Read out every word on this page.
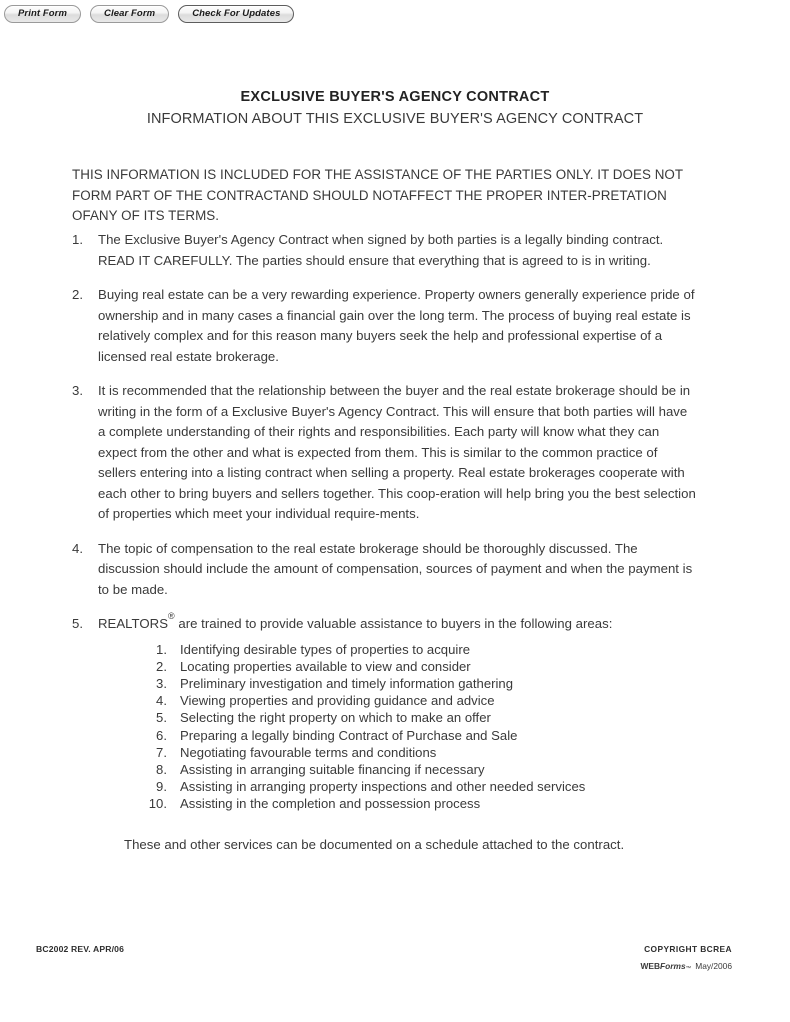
Print Form	Clear Form	Check For Updates
EXCLUSIVE BUYER'S AGENCY CONTRACT
INFORMATION ABOUT THIS EXCLUSIVE BUYER'S AGENCY CONTRACT
THIS INFORMATION IS INCLUDED FOR THE ASSISTANCE OF THE PARTIES ONLY. IT DOES NOT FORM PART OF THE CONTRACTAND SHOULD NOTAFFECT THE PROPER INTER-PRETATION OFANY OF ITS TERMS.
1.	The Exclusive Buyer's Agency Contract when signed by both parties is a legally binding contract. READ IT CAREFULLY. The parties should ensure that everything that is agreed to is in writing.
2.	Buying real estate can be a very rewarding experience. Property owners generally experience pride of ownership and in many cases a financial gain over the long term. The process of buying real estate is relatively complex and for this reason many buyers seek the help and professional expertise of a licensed real estate brokerage.
3.	It is recommended that the relationship between the buyer and the real estate brokerage should be in writing in the form of a Exclusive Buyer's Agency Contract. This will ensure that both parties will have a complete understanding of their rights and responsibilities. Each party will know what they can expect from the other and what is expected from them. This is similar to the common practice of sellers entering into a listing contract when selling a property. Real estate brokerages cooperate with each other to bring buyers and sellers together. This coop-eration will help bring you the best selection of properties which meet your individual require-ments.
4.	The topic of compensation to the real estate brokerage should be thoroughly discussed. The discussion should include the amount of compensation, sources of payment and when the payment is to be made.
5.	REALTORS® are trained to provide valuable assistance to buyers in the following areas:
1. Identifying desirable types of properties to acquire
2. Locating properties available to view and consider
3. Preliminary investigation and timely information gathering
4. Viewing properties and providing guidance and advice
5. Selecting the right property on which to make an offer
6. Preparing a legally binding Contract of Purchase and Sale
7. Negotiating favourable terms and conditions
8. Assisting in arranging suitable financing if necessary
9. Assisting in arranging property inspections and other needed services
10. Assisting in the completion and possession process
These and other services can be documented on a schedule attached to the contract.
BC2002 REV. APR/06	COPYRIGHT BCREA
WEBForms™ May/2006
